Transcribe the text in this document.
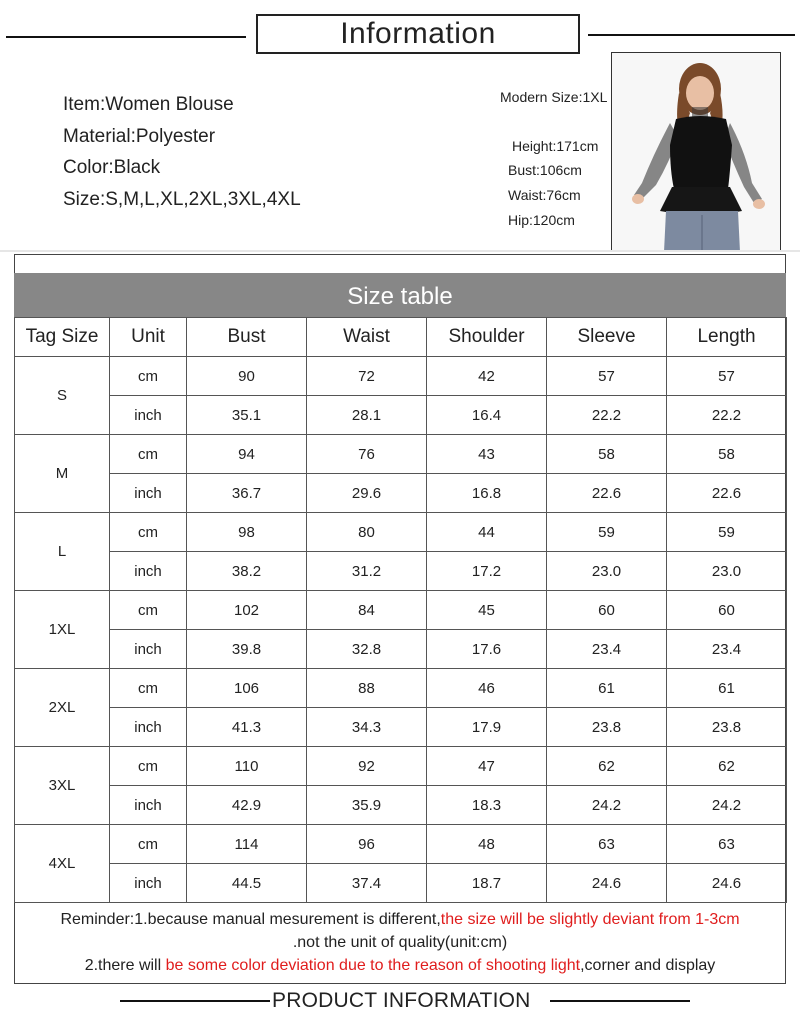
Information
Item:Women Blouse
Material:Polyester
Color:Black
Size:S,M,L,XL,2XL,3XL,4XL
Modern Size:1XL
Height:171cm
Bust:106cm
Waist:76cm
Hip:120cm
Size table
Tag Size	Unit	Bust	Waist	Shoulder	Sleeve	Length
S	cm	90	72	42	57	57
	inch	35.1	28.1	16.4	22.2	22.2
M	cm	94	76	43	58	58
	inch	36.7	29.6	16.8	22.6	22.6
L	cm	98	80	44	59	59
	inch	38.2	31.2	17.2	23.0	23.0
1XL	cm	102	84	45	60	60
	inch	39.8	32.8	17.6	23.4	23.4
2XL	cm	106	88	46	61	61
	inch	41.3	34.3	17.9	23.8	23.8
3XL	cm	110	92	47	62	62
	inch	42.9	35.9	18.3	24.2	24.2
4XL	cm	114	96	48	63	63
	inch	44.5	37.4	18.7	24.6	24.6
Reminder:1.because manual mesurement is different,the size will be slightly deviant from 1-3cm
.not the unit of quality(unit:cm)
2.there will be some color deviation due to the reason of shooting light,corner and display
PRODUCT INFORMATION
